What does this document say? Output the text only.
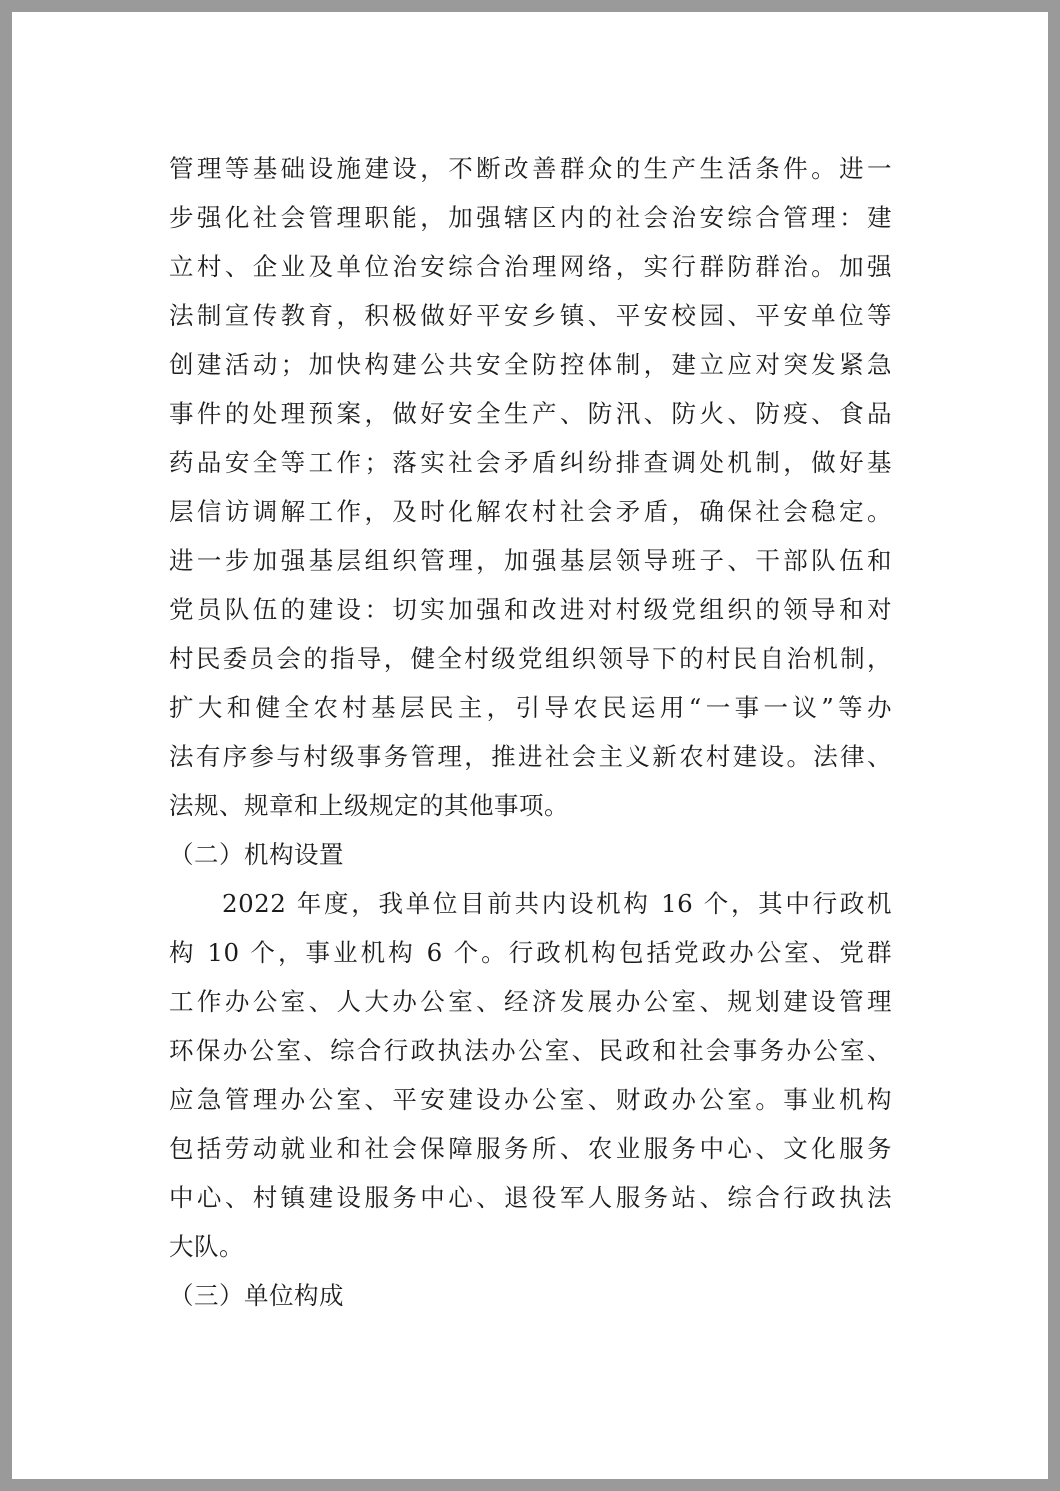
管理等基础设施建设，不断改善群众的生产生活条件。进一
步强化社会管理职能，加强辖区内的社会治安综合管理：建
立村、企业及单位治安综合治理网络，实行群防群治。加强
法制宣传教育，积极做好平安乡镇、平安校园、平安单位等
创建活动；加快构建公共安全防控体制，建立应对突发紧急
事件的处理预案，做好安全生产、防汛、防火、防疫、食品
药品安全等工作；落实社会矛盾纠纷排查调处机制，做好基
层信访调解工作，及时化解农村社会矛盾，确保社会稳定。
进一步加强基层组织管理，加强基层领导班子、干部队伍和
党员队伍的建设：切实加强和改进对村级党组织的领导和对
村民委员会的指导，健全村级党组织领导下的村民自治机制，
扩大和健全农村基层民主，引导农民运用“一事一议”等办
法有序参与村级事务管理，推进社会主义新农村建设。法律、
法规、规章和上级规定的其他事项。
（二）机构设置
2022 年度，我单位目前共内设机构 16 个，其中行政机
构 10 个，事业机构 6 个。行政机构包括党政办公室、党群
工作办公室、人大办公室、经济发展办公室、规划建设管理
环保办公室、综合行政执法办公室、民政和社会事务办公室、
应急管理办公室、平安建设办公室、财政办公室。事业机构
包括劳动就业和社会保障服务所、农业服务中心、文化服务
中心、村镇建设服务中心、退役军人服务站、综合行政执法
大队。
（三）单位构成
